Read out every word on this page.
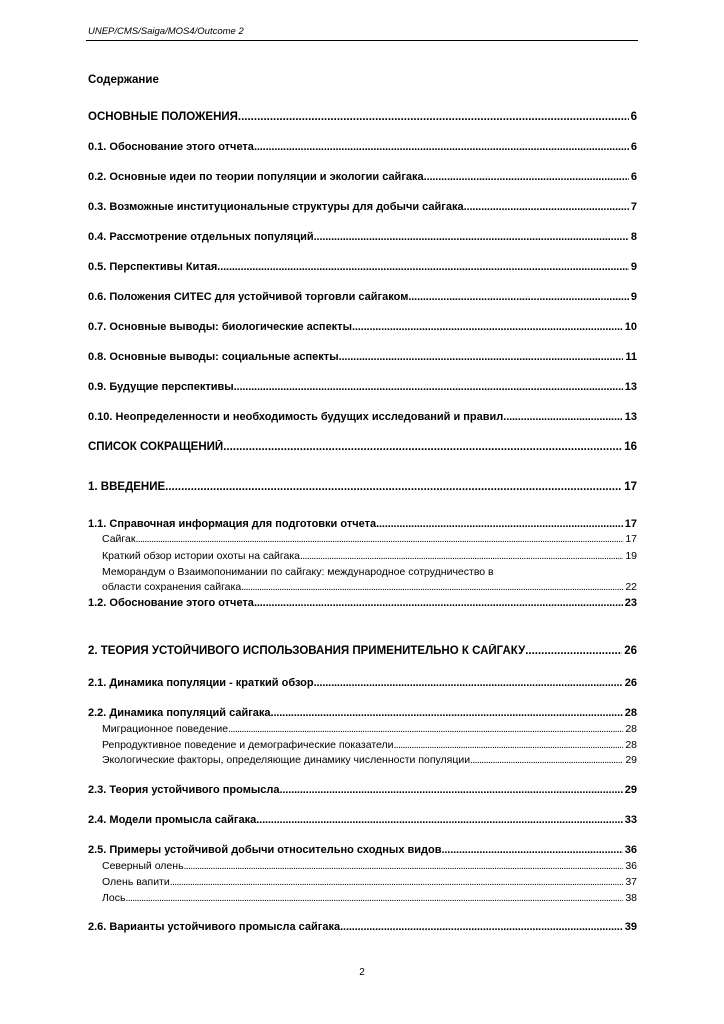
UNEP/CMS/Saiga/MOS4/Outcome 2
Содержание
ОСНОВНЫЕ ПОЛОЖЕНИЯ . . .	6
0.1. Обоснование этого отчета . . .	6
0.2. Основные идеи по теории популяции и экологии сайгака . . .	6
0.3. Возможные институциональные структуры для добычи сайгака . . .	7
0.4. Рассмотрение отдельных популяций . . .	8
0.5. Перспективы Китая . . .	9
0.6. Положения СИТЕС для устойчивой торговли сайгаком . . .	9
0.7. Основные выводы: биологические аспекты . . .	10
0.8. Основные выводы: социальные аспекты . . .	11
0.9. Будущие перспективы . . .	13
0.10. Неопределенности и необходимость будущих исследований и правил . . .	13
СПИСОК СОКРАЩЕНИЙ . . .	16
1. ВВЕДЕНИЕ . . .	17
1.1. Справочная информация для подготовки отчета . . .	17
Сайгак . . .	17
Краткий обзор истории охоты на сайгака . . .	19
Меморандум о Взаимопонимании по сайгаку: международное сотрудничество в
области сохранения сайгака . . .	22
1.2. Обоснование этого отчета . . .	23
2. ТЕОРИЯ УСТОЙЧИВОГО ИСПОЛЬЗОВАНИЯ ПРИМЕНИТЕЛЬНО К САЙГАКУ . . .	26
2.1. Динамика популяции - краткий обзор . . .	26
2.2. Динамика популяций сайгака . . .	28
Миграционное поведение . . .	28
Репродуктивное поведение и демографические показатели . . .	28
Экологические факторы, определяющие динамику численности популяции . . .	29
2.3. Теория устойчивого промысла . . .	29
2.4. Модели промысла сайгака . . .	33
2.5. Примеры устойчивой добычи относительно сходных видов . . .	36
Северный олень . . .	36
Олень вапити . . .	37
Лось . . .	38
2.6. Варианты устойчивого промысла сайгака . . .	39
2
